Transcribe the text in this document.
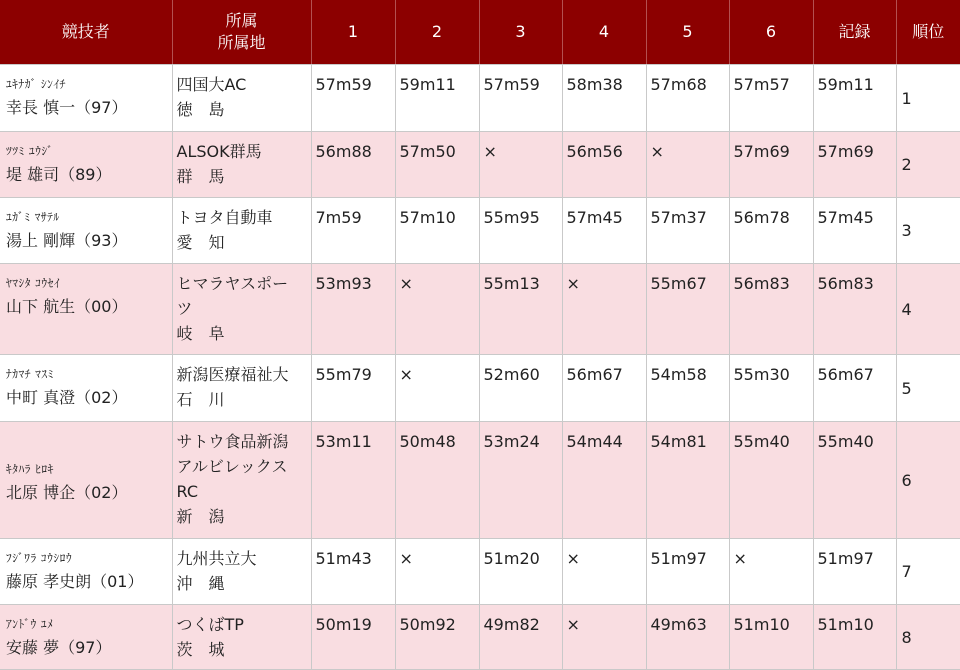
競技者	所属
所属地	1	2	3	4	5	6	記録	順位

ﾕｷﾅｶﾞ ｼﾝｲﾁ
幸長 慎一（97）	四国大AC
徳　島	57m59	59m11	57m59	58m38	57m68	57m57	59m11	1

ﾂﾂﾐ ﾕｳｼﾞ
堤 雄司（89）	ALSOK群馬
群　馬	56m88	57m50	×	56m56	×	57m69	57m69	2

ﾕｶﾞﾐ ﾏｻﾃﾙ
湯上 剛輝（93）	トヨタ自動車
愛　知	7m59	57m10	55m95	57m45	57m37	56m78	57m45	3

ﾔﾏｼﾀ ｺｳｾｲ
山下 航生（00）	ヒマラヤスポー
ツ
岐　阜	53m93	×	55m13	×	55m67	56m83	56m83	4

ﾅｶﾏﾁ ﾏｽﾐ
中町 真澄（02）	新潟医療福祉大
石　川	55m79	×	52m60	56m67	54m58	55m30	56m67	5

ｷﾀﾊﾗ ﾋﾛｷ
北原 博企（02）	サトウ食品新潟
アルビレックス
RC
新　潟	53m11	50m48	53m24	54m44	54m81	55m40	55m40	6

ﾌｼﾞﾜﾗ ｺｳｼﾛｳ
藤原 孝史朗（01）	九州共立大
沖　縄	51m43	×	51m20	×	51m97	×	51m97	7

ｱﾝﾄﾞｳ ﾕﾒ
安藤 夢（97）	つくばTP
茨　城	50m19	50m92	49m82	×	49m63	51m10	51m10	8
